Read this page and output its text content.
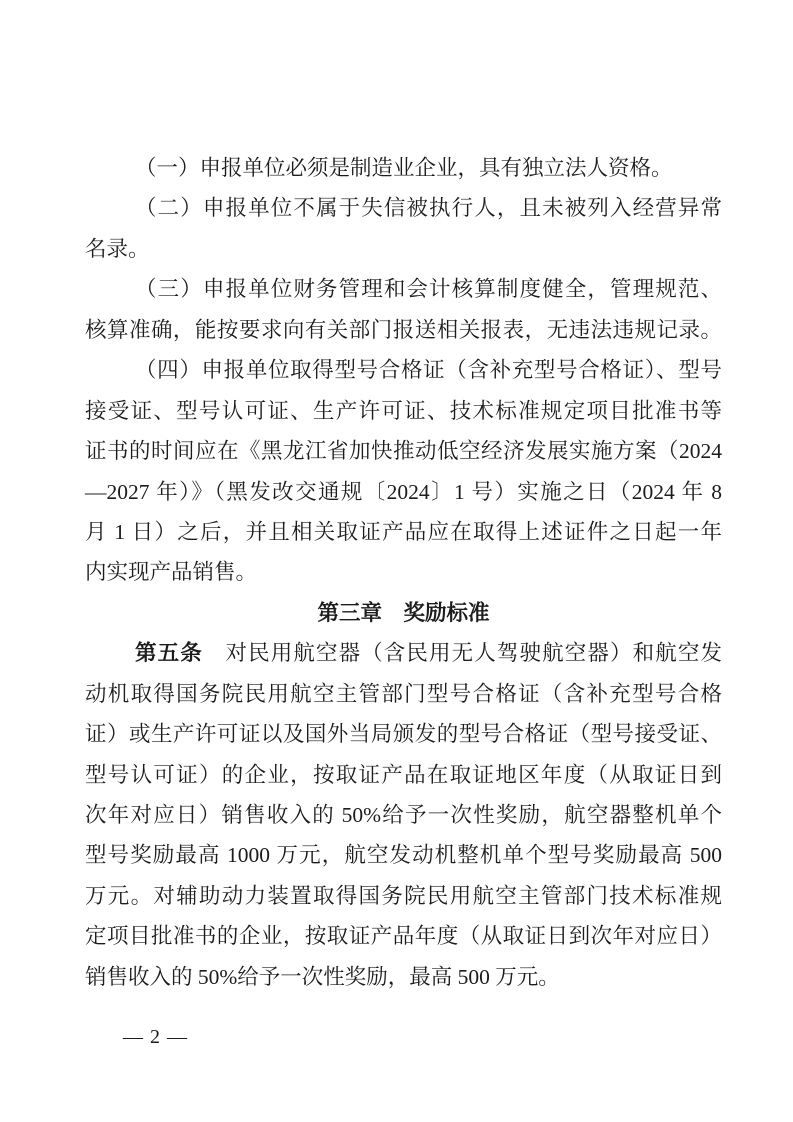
（一）申报单位必须是制造业企业，具有独立法人资格。
（二）申报单位不属于失信被执行人，且未被列入经营异常
名录。
（三）申报单位财务管理和会计核算制度健全，管理规范、
核算准确，能按要求向有关部门报送相关报表，无违法违规记录。
（四）申报单位取得型号合格证（含补充型号合格证）、型号
接受证、型号认可证、生产许可证、技术标准规定项目批准书等
证书的时间应在《黑龙江省加快推动低空经济发展实施方案（2024
—2027 年）》（黑发改交通规〔2024〕1 号）实施之日（2024 年 8
月 1 日）之后，并且相关取证产品应在取得上述证件之日起一年
内实现产品销售。
第三章　奖励标准
第五条　对民用航空器（含民用无人驾驶航空器）和航空发
动机取得国务院民用航空主管部门型号合格证（含补充型号合格
证）或生产许可证以及国外当局颁发的型号合格证（型号接受证、
型号认可证）的企业，按取证产品在取证地区年度（从取证日到
次年对应日）销售收入的 50%给予一次性奖励，航空器整机单个
型号奖励最高 1000 万元，航空发动机整机单个型号奖励最高 500
万元。对辅助动力装置取得国务院民用航空主管部门技术标准规
定项目批准书的企业，按取证产品年度（从取证日到次年对应日）
销售收入的 50%给予一次性奖励，最高 500 万元。
— 2 —
